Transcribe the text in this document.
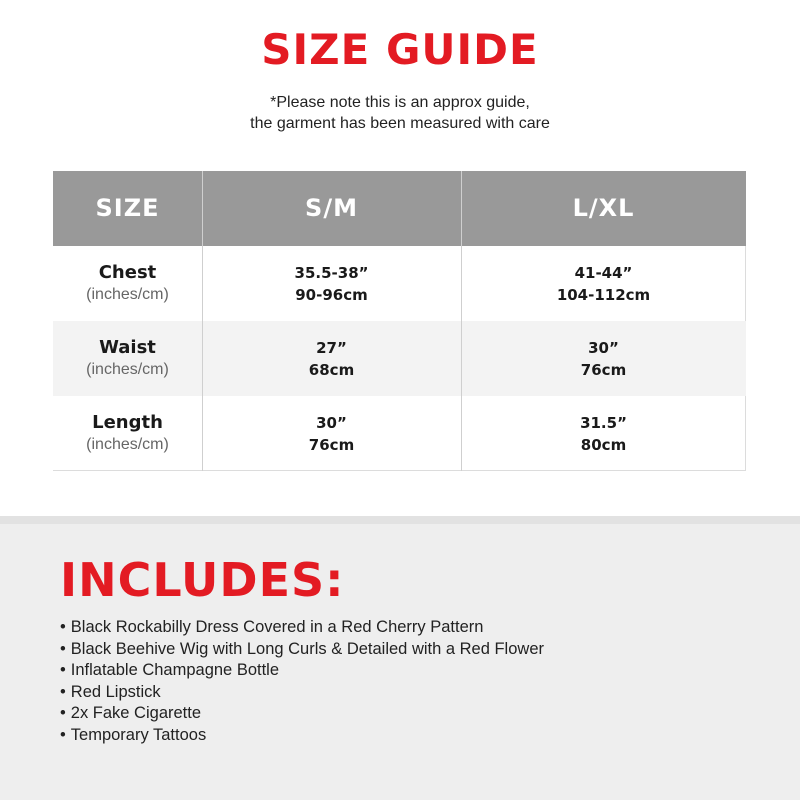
SIZE GUIDE

*Please note this is an approx guide,
the garment has been measured with care

SIZE	S/M	L/XL
Chest
(inches/cm)
35.5-38”
90-96cm
41-44”
104-112cm
Waist
(inches/cm)
27”
68cm
30”
76cm
Length
(inches/cm)
30”
76cm
31.5”
80cm
INCLUDES:
• Black Rockabilly Dress Covered in a Red Cherry Pattern
• Black Beehive Wig with Long Curls & Detailed with a Red Flower
• Inflatable Champagne Bottle
• Red Lipstick
• 2x Fake Cigarette
• Temporary Tattoos
